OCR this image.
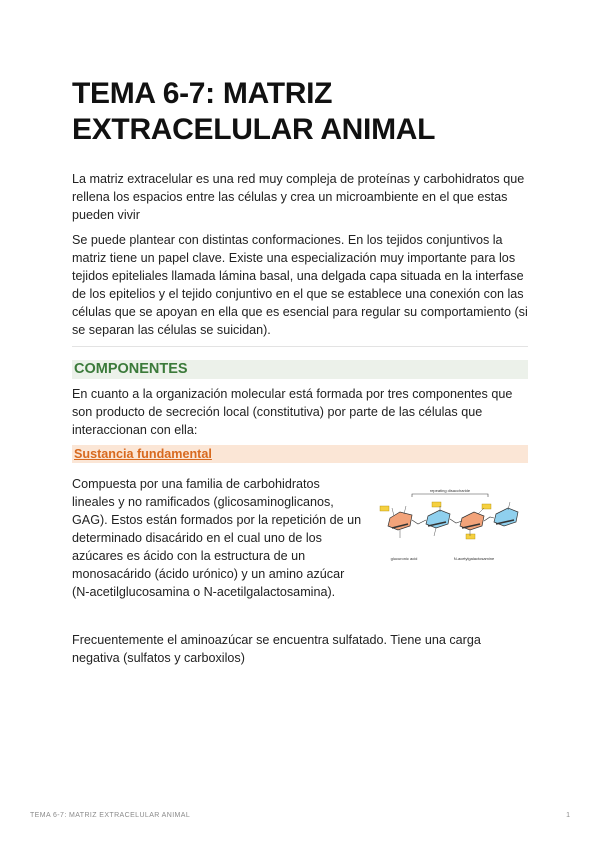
TEMA 6-7: MATRIZ
EXTRACELULAR ANIMAL
La matriz extracelular es una red muy compleja de proteínas y carbohidratos que rellena los espacios entre las células y crea un microambiente en el que estas pueden vivir
Se puede plantear con distintas conformaciones. En los tejidos conjuntivos la matriz tiene un papel clave. Existe una especialización muy importante para los tejidos epiteliales llamada lámina basal, una delgada capa situada en la interfase de los epitelios y el tejido conjuntivo en el que se establece una conexión con las células que se apoyan en ella que es esencial para regular su comportamiento (si se separan las células se suicidan).
COMPONENTES
En cuanto a la organización molecular está formada por tres componentes que son producto de secreción local (constitutiva) por parte de las células que interaccionan con ella:
Sustancia fundamental
Compuesta por una familia de carbohidratos lineales y no ramificados (glicosaminoglicanos, GAG). Estos están formados por la repetición de un determinado disacárido en el cual uno de los azúcares es ácido con la estructura de un monosacárido (ácido urónico) y un amino azúcar (N-acetilglucosamina o N-acetilgalactosamina).
repeating disaccharide
glucuronic acid	N-acetylgalactosamine
Frecuentemente el aminoazúcar se encuentra sulfatado. Tiene una carga negativa (sulfatos y carboxilos)
TEMA 6-7: MATRIZ EXTRACELULAR ANIMAL	1
